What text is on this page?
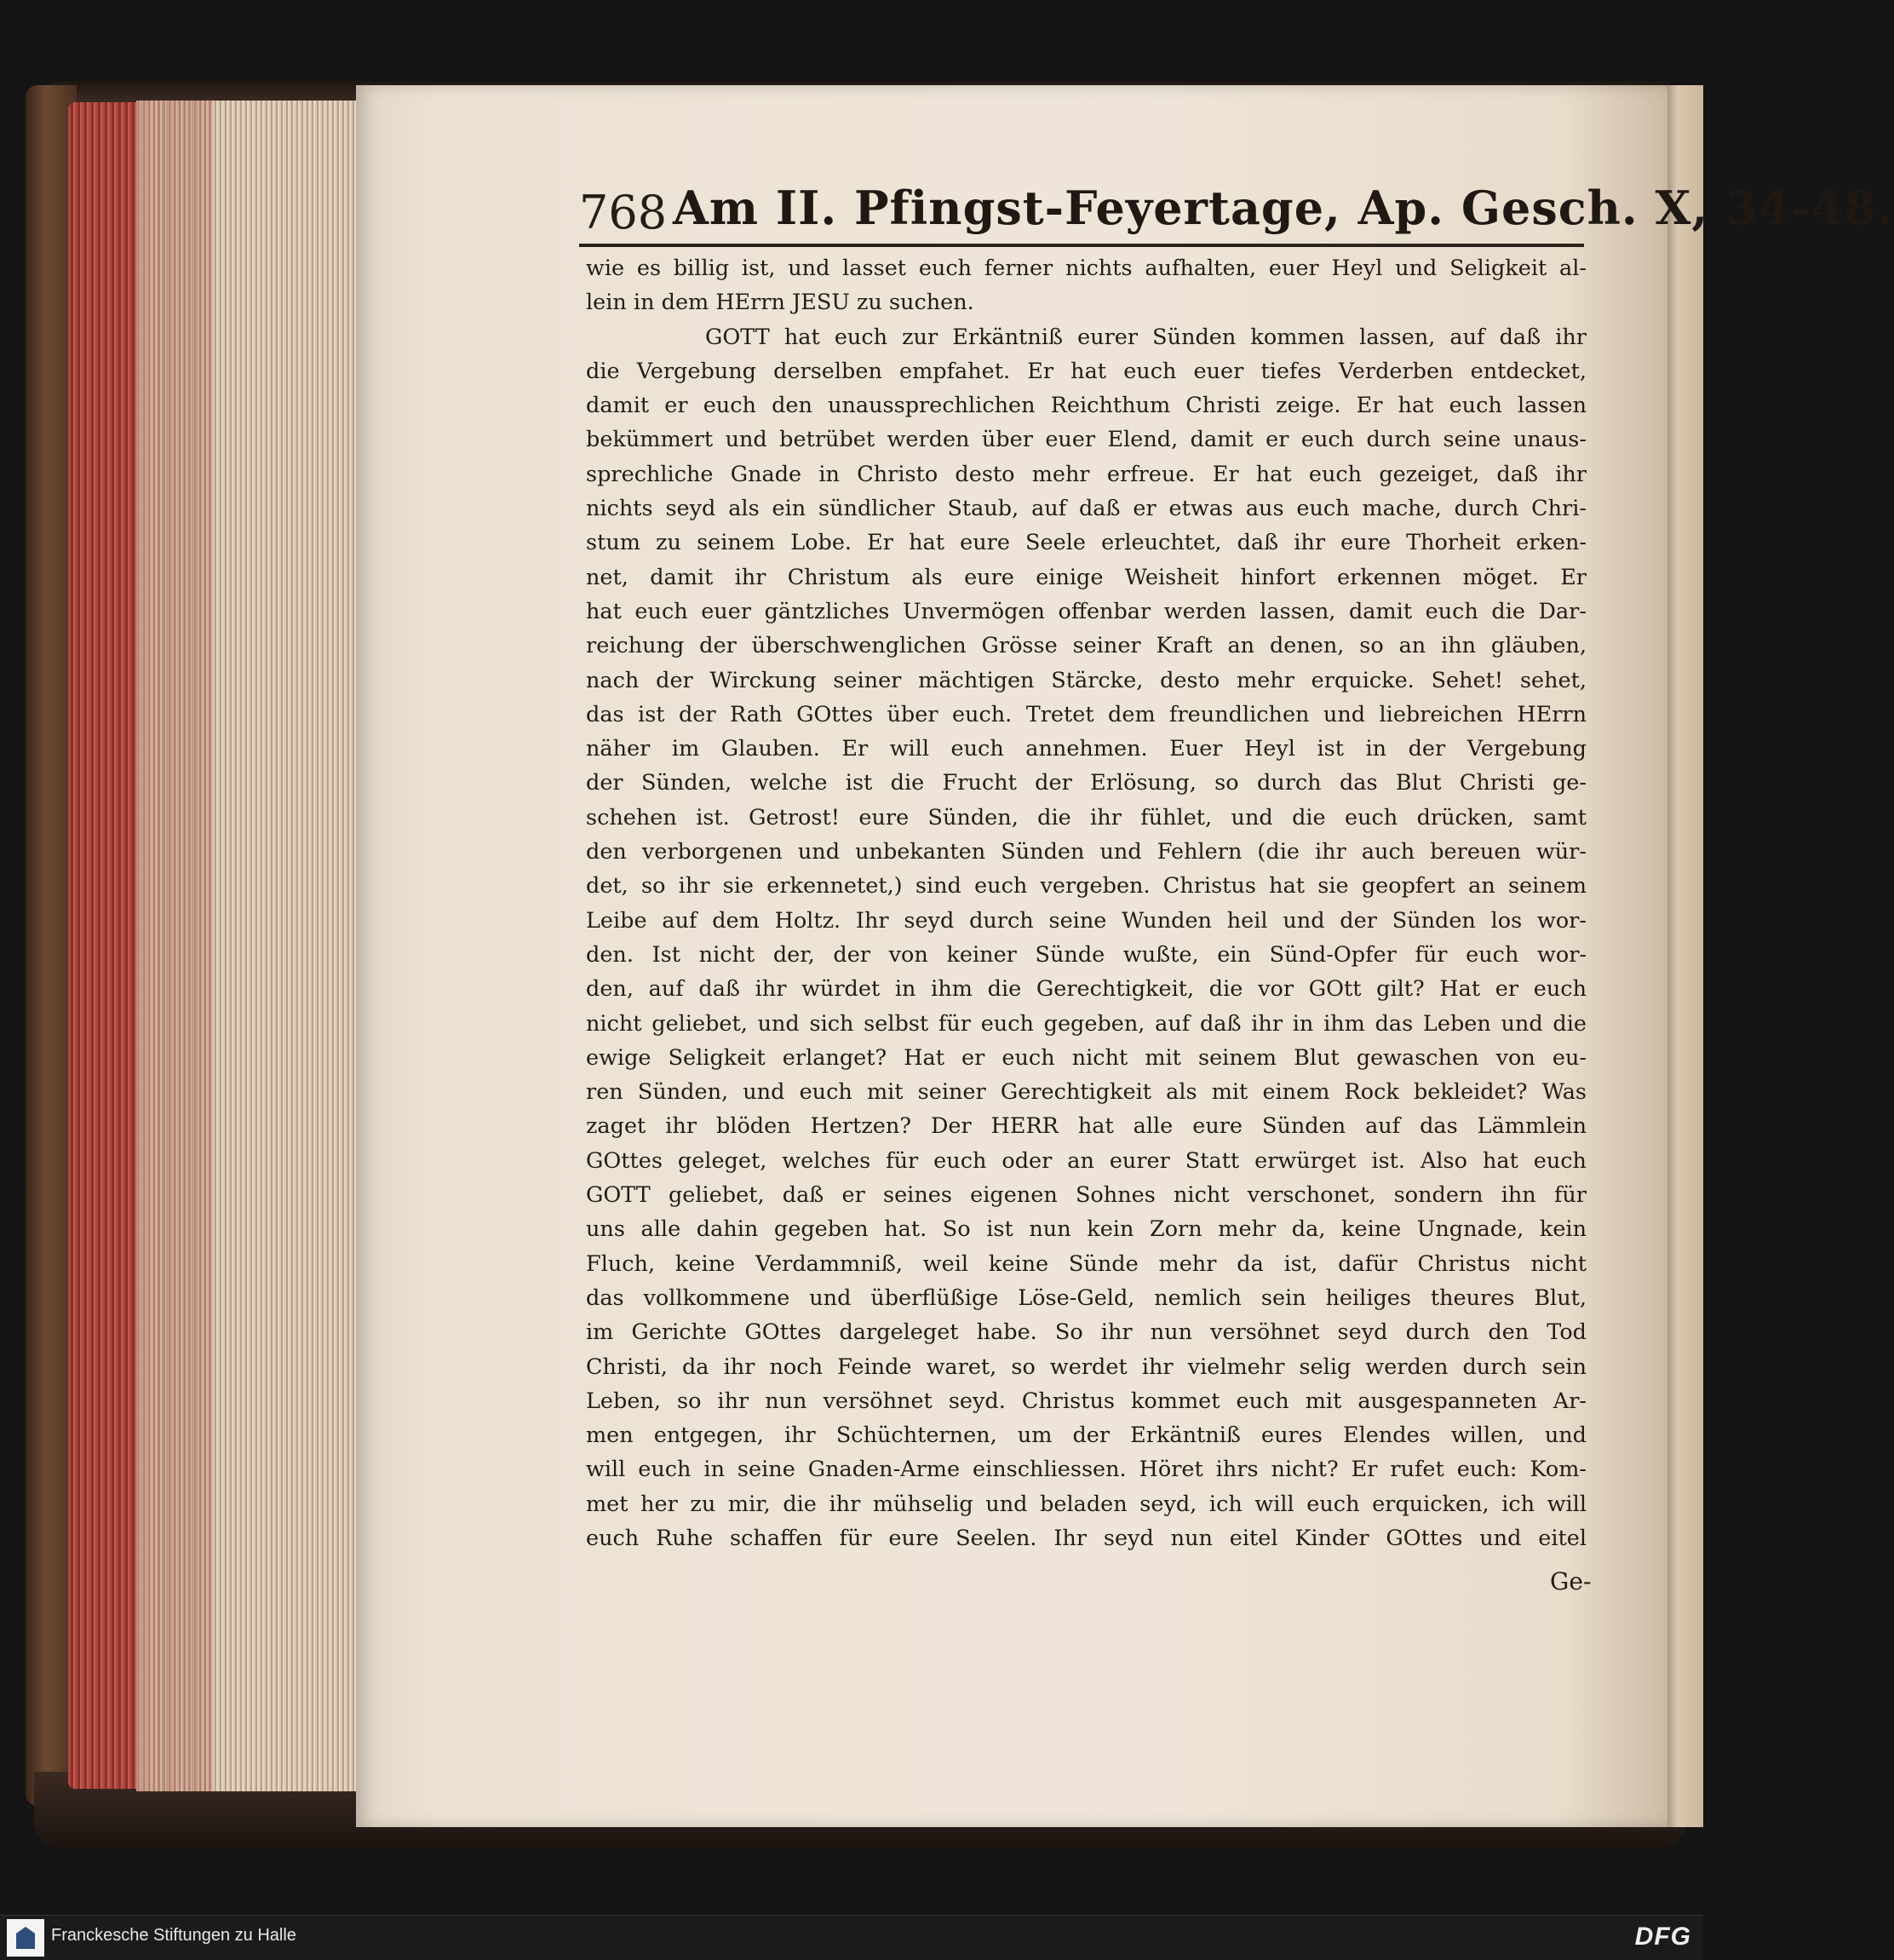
768 Am II. Pfingst-Feyertage, Ap. Gesch. X, 34-48.
wie es billig ist, und lasset euch ferner nichts aufhalten, euer Heyl und Seligkeit al-
lein in dem HErrn JESU zu suchen.
GOTT hat euch zur Erkäntniß eurer Sünden kommen lassen, auf daß ihr
die Vergebung derselben empfahet. Er hat euch euer tiefes Verderben entdecket,
damit er euch den unaussprechlichen Reichthum Christi zeige. Er hat euch lassen
bekümmert und betrübet werden über euer Elend, damit er euch durch seine unaus-
sprechliche Gnade in Christo desto mehr erfreue. Er hat euch gezeiget, daß ihr
nichts seyd als ein sündlicher Staub, auf daß er etwas aus euch mache, durch Chri-
stum zu seinem Lobe. Er hat eure Seele erleuchtet, daß ihr eure Thorheit erken-
net, damit ihr Christum als eure einige Weisheit hinfort erkennen möget. Er
hat euch euer gäntzliches Unvermögen offenbar werden lassen, damit euch die Dar-
reichung der überschwenglichen Grösse seiner Kraft an denen, so an ihn gläuben,
nach der Wirckung seiner mächtigen Stärcke, desto mehr erquicke. Sehet! sehet,
das ist der Rath GOttes über euch. Tretet dem freundlichen und liebreichen HErrn
näher im Glauben. Er will euch annehmen. Euer Heyl ist in der Vergebung
der Sünden, welche ist die Frucht der Erlösung, so durch das Blut Christi ge-
schehen ist. Getrost! eure Sünden, die ihr fühlet, und die euch drücken, samt
den verborgenen und unbekanten Sünden und Fehlern (die ihr auch bereuen wür-
det, so ihr sie erkennetet,) sind euch vergeben. Christus hat sie geopfert an seinem
Leibe auf dem Holtz. Ihr seyd durch seine Wunden heil und der Sünden los wor-
den. Ist nicht der, der von keiner Sünde wußte, ein Sünd-Opfer für euch wor-
den, auf daß ihr würdet in ihm die Gerechtigkeit, die vor GOtt gilt? Hat er euch
nicht geliebet, und sich selbst für euch gegeben, auf daß ihr in ihm das Leben und die
ewige Seligkeit erlanget? Hat er euch nicht mit seinem Blut gewaschen von eu-
ren Sünden, und euch mit seiner Gerechtigkeit als mit einem Rock bekleidet? Was
zaget ihr blöden Hertzen? Der HERR hat alle eure Sünden auf das Lämmlein
GOttes geleget, welches für euch oder an eurer Statt erwürget ist. Also hat euch
GOTT geliebet, daß er seines eigenen Sohnes nicht verschonet, sondern ihn für
uns alle dahin gegeben hat. So ist nun kein Zorn mehr da, keine Ungnade, kein
Fluch, keine Verdammniß, weil keine Sünde mehr da ist, dafür Christus nicht
das vollkommene und überflüßige Löse-Geld, nemlich sein heiliges theures Blut,
im Gerichte GOttes dargeleget habe. So ihr nun versöhnet seyd durch den Tod
Christi, da ihr noch Feinde waret, so werdet ihr vielmehr selig werden durch sein
Leben, so ihr nun versöhnet seyd. Christus kommet euch mit ausgespanneten Ar-
men entgegen, ihr Schüchternen, um der Erkäntniß eures Elendes willen, und
will euch in seine Gnaden-Arme einschliessen. Höret ihrs nicht? Er rufet euch: Kom-
met her zu mir, die ihr mühselig und beladen seyd, ich will euch erquicken, ich will
euch Ruhe schaffen für eure Seelen. Ihr seyd nun eitel Kinder GOttes und eitel
Ge-
Franckesche Stiftungen zu Halle	DFG
